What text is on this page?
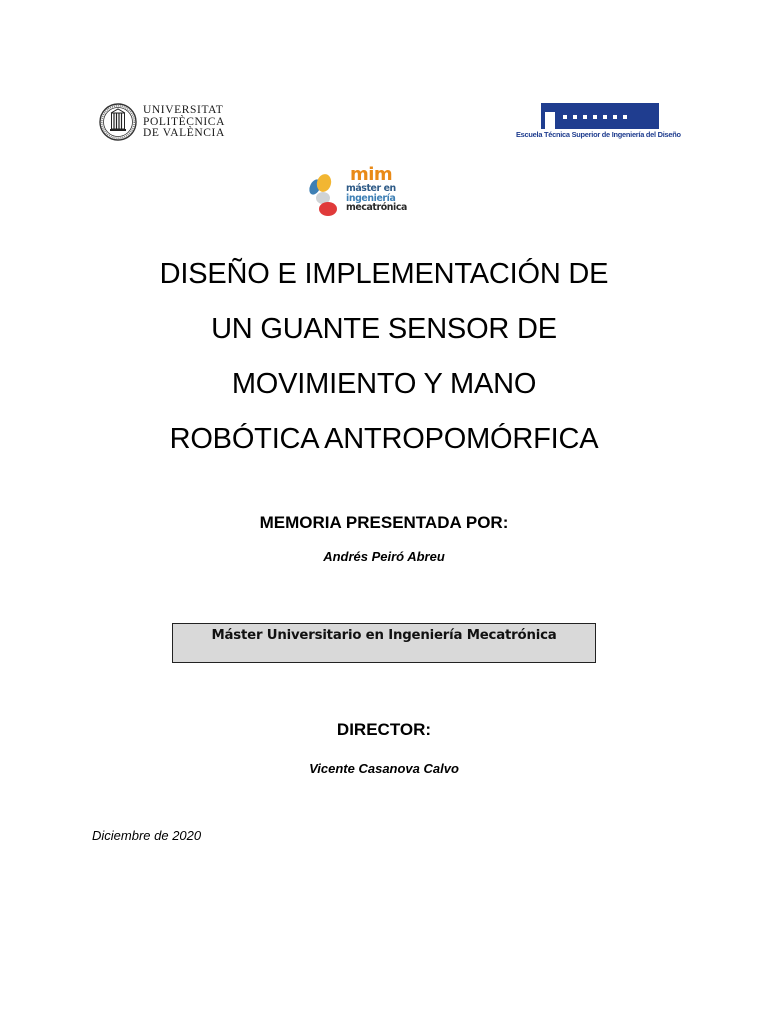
UNIVERSITAT
POLITÈCNICA
DE VALÈNCIA	Escuela Técnica Superior de Ingeniería del Diseño
mim
máster en
ingeniería
mecatrónica
DISEÑO E IMPLEMENTACIÓN DE
UN GUANTE SENSOR DE
MOVIMIENTO Y MANO
ROBÓTICA ANTROPOMÓRFICA
MEMORIA PRESENTADA POR:
Andrés Peiró Abreu
Máster Universitario en Ingeniería Mecatrónica
DIRECTOR:
Vicente Casanova Calvo
Diciembre de 2020
